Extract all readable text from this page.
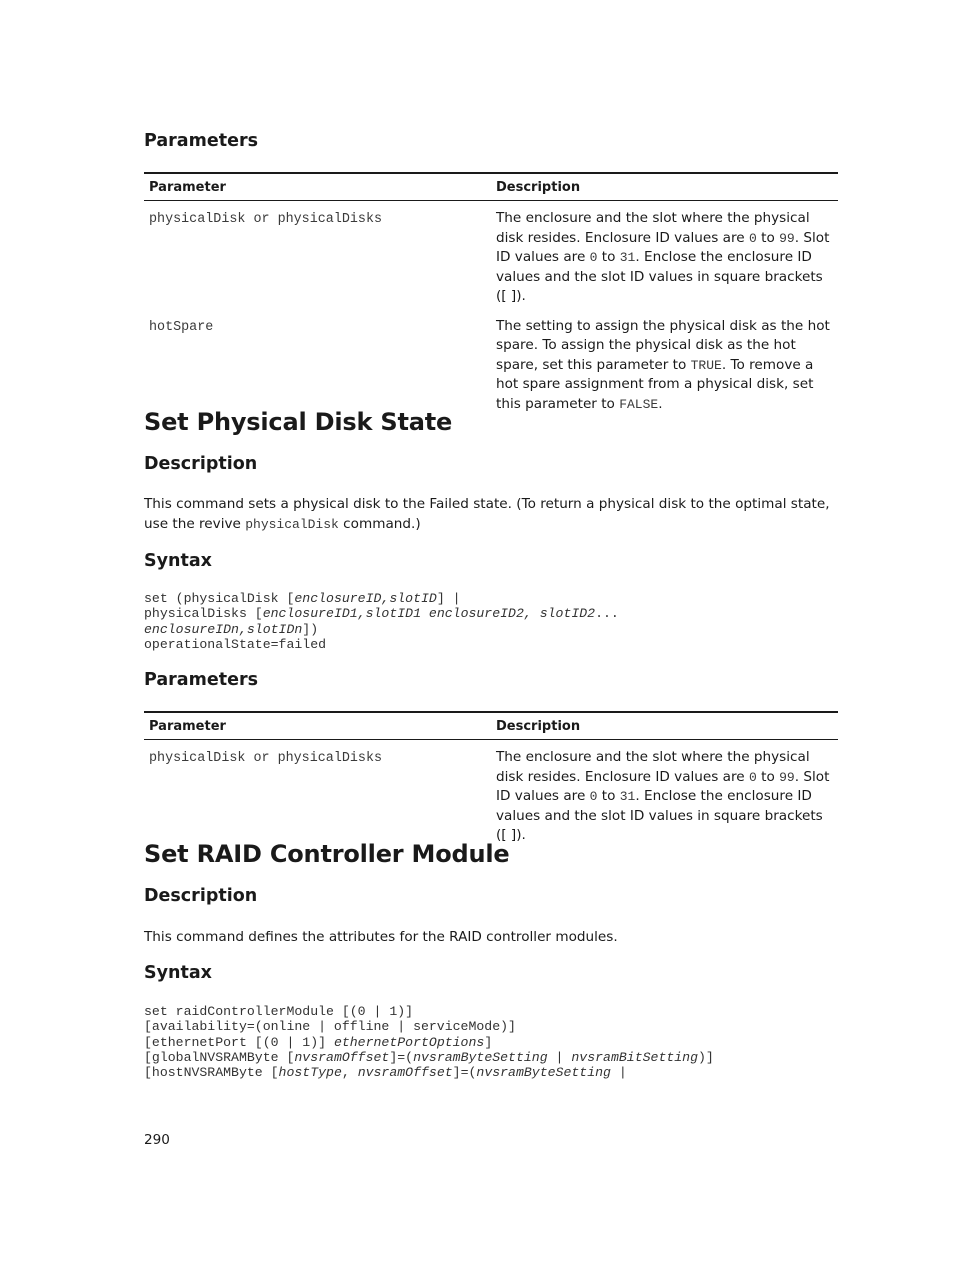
Parameters
Parameter	Description
physicalDisk or physicalDisks	The enclosure and the slot where the physical disk resides. Enclosure ID values are 0 to 99. Slot ID values are 0 to 31. Enclose the enclosure ID values and the slot ID values in square brackets ([ ]).
hotSpare	The setting to assign the physical disk as the hot spare. To assign the physical disk as the hot spare, set this parameter to TRUE. To remove a hot spare assignment from a physical disk, set this parameter to FALSE.
Set Physical Disk State
Description

This command sets a physical disk to the Failed state. (To return a physical disk to the optimal state, use the revive physicalDisk command.)

Syntax
set (physicalDisk [enclosureID,slotID] |
physicalDisks [enclosureID1,slotID1 enclosureID2, slotID2...
enclosureIDn,slotIDn])
operationalState=failed
Parameters
Parameter	Description
physicalDisk or physicalDisks	The enclosure and the slot where the physical disk resides. Enclosure ID values are 0 to 99. Slot ID values are 0 to 31. Enclose the enclosure ID values and the slot ID values in square brackets ([ ]).
Set RAID Controller Module
Description

This command defines the attributes for the RAID controller modules.

Syntax
set raidControllerModule [(0 | 1)]
[availability=(online | offline | serviceMode)]
[ethernetPort [(0 | 1)] ethernetPortOptions]
[globalNVSRAMByte [nvsramOffset]=(nvsramByteSetting | nvsramBitSetting)]
[hostNVSRAMByte [hostType, nvsramOffset]=(nvsramByteSetting |
290
